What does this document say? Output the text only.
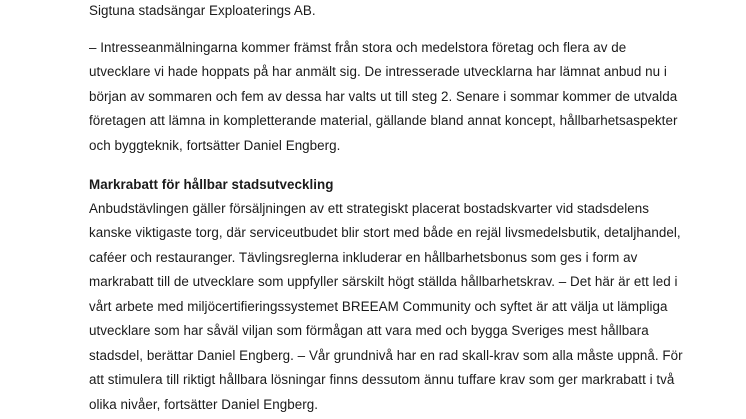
Sigtuna stadsängar Exploaterings AB.
– Intresseanmälningarna kommer främst från stora och medelstora företag och flera av de
utvecklare vi hade hoppats på har anmält sig. De intresserade utvecklarna har lämnat anbud nu i
början av sommaren och fem av dessa har valts ut till steg 2. Senare i sommar kommer de utvalda
företagen att lämna in kompletterande material, gällande bland annat koncept, hållbarhetsaspekter
och byggteknik, fortsätter Daniel Engberg.
Markrabatt för hållbar stadsutveckling
Anbudstävlingen gäller försäljningen av ett strategiskt placerat bostadskvarter vid stadsdelens
kanske viktigaste torg, där serviceutbudet blir stort med både en rejäl livsmedelsbutik, detaljhandel,
caféer och restauranger. Tävlingsreglerna inkluderar en hållbarhetsbonus som ges i form av
markrabatt till de utvecklare som uppfyller särskilt högt ställda hållbarhetskrav. – Det här är ett led i
vårt arbete med miljöcertifieringssystemet BREEAM Community och syftet är att välja ut lämpliga
utvecklare som har såväl viljan som förmågan att vara med och bygga Sveriges mest hållbara
stadsdel, berättar Daniel Engberg. – Vår grundnivå har en rad skall-krav som alla måste uppnå. För
att stimulera till riktigt hållbara lösningar finns dessutom ännu tuffare krav som ger markrabatt i två
olika nivåer, fortsätter Daniel Engberg.
